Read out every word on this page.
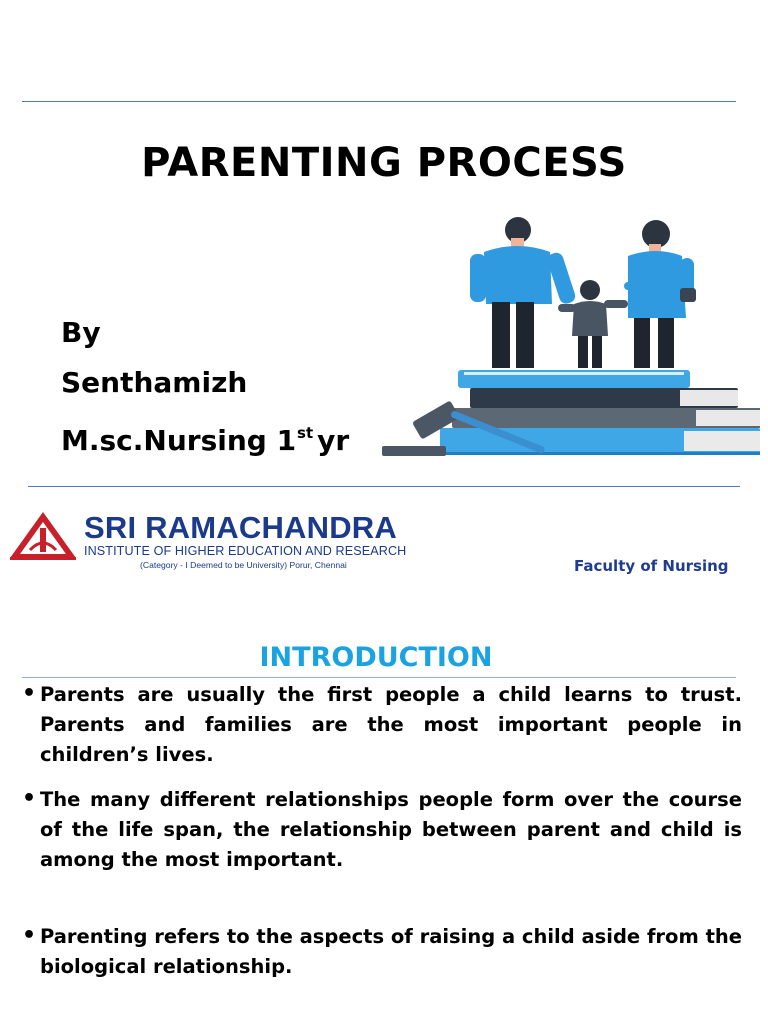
PARENTING PROCESS
By
Senthamizh
M.sc.Nursing 1st yr
SRI RAMACHANDRA
INSTITUTE OF HIGHER EDUCATION AND RESEARCH
(Category - I Deemed to be University) Porur, Chennai	Faculty of Nursing
INTRODUCTION
• Parents are usually the first people a child learns to trust. Parents and families are the most important people in children’s lives.
• The many different relationships people form over the course of the life span, the relationship between parent and child is among the most important.
• Parenting refers to the aspects of raising a child aside from the biological relationship.
